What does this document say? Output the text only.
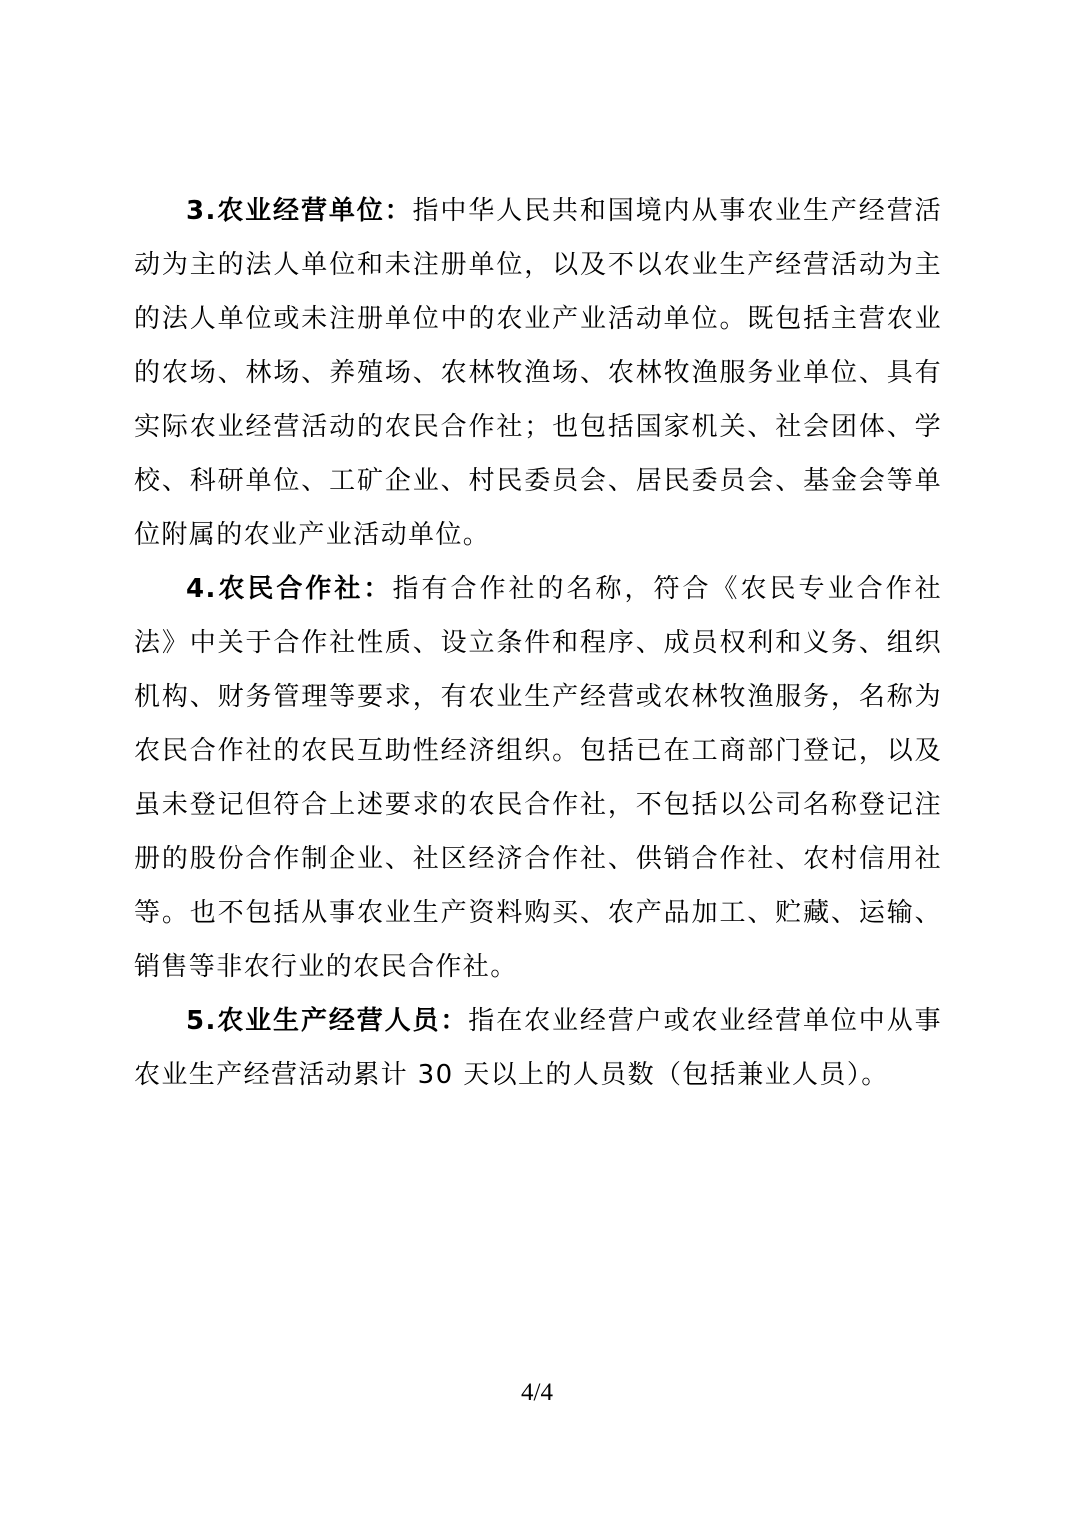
3.农业经营单位：指中华人民共和国境内从事农业生产经营活动为主的法人单位和未注册单位，以及不以农业生产经营活动为主的法人单位或未注册单位中的农业产业活动单位。既包括主营农业的农场、林场、养殖场、农林牧渔场、农林牧渔服务业单位、具有实际农业经营活动的农民合作社；也包括国家机关、社会团体、学校、科研单位、工矿企业、村民委员会、居民委员会、基金会等单位附属的农业产业活动单位。

4.农民合作社：指有合作社的名称，符合《农民专业合作社法》中关于合作社性质、设立条件和程序、成员权利和义务、组织机构、财务管理等要求，有农业生产经营或农林牧渔服务，名称为农民合作社的农民互助性经济组织。包括已在工商部门登记，以及虽未登记但符合上述要求的农民合作社，不包括以公司名称登记注册的股份合作制企业、社区经济合作社、供销合作社、农村信用社等。也不包括从事农业生产资料购买、农产品加工、贮藏、运输、销售等非农行业的农民合作社。

5.农业生产经营人员：指在农业经营户或农业经营单位中从事农业生产经营活动累计 30 天以上的人员数（包括兼业人员）。

4/4
